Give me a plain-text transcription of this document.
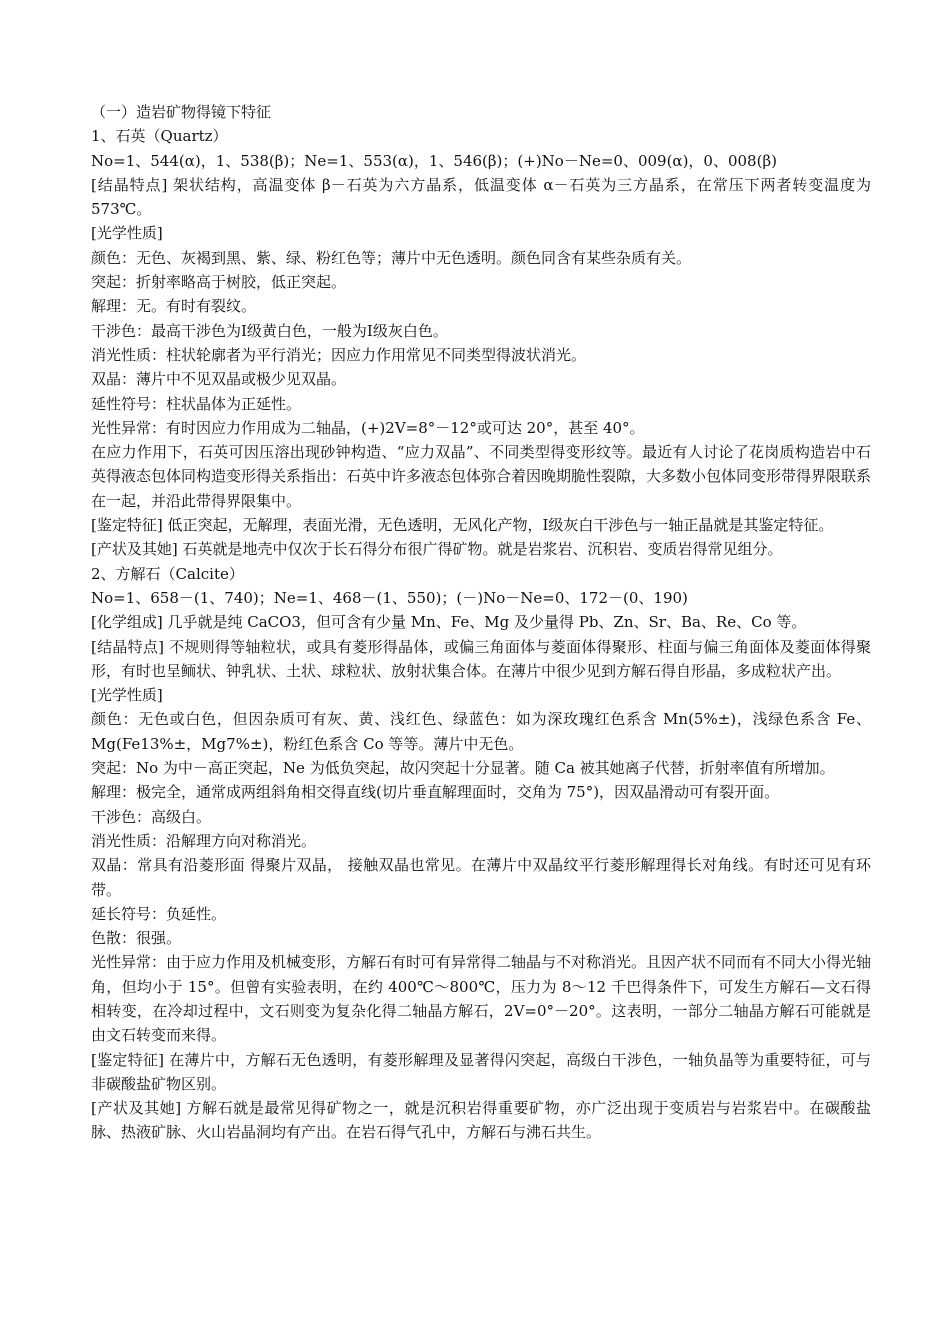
（一）造岩矿物得镜下特征

1、石英（Quartz）

No=1、544(α)，1、538(β)；Ne=1、553(α)，1、546(β)；(+)No－Ne=0、009(α)，0、008(β)

[结晶特点] 架状结构，高温变体 β－石英为六方晶系，低温变体 α－石英为三方晶系，在常压下两者转变温度为573℃。

[光学性质]

颜色：无色、灰褐到黑、紫、绿、粉红色等；薄片中无色透明。颜色同含有某些杂质有关。

突起：折射率略高于树胶，低正突起。

解理：无。有时有裂纹。

干涉色：最高干涉色为Ⅰ级黄白色，一般为Ⅰ级灰白色。

消光性质：柱状轮廓者为平行消光；因应力作用常见不同类型得波状消光。

双晶：薄片中不见双晶或极少见双晶。

延性符号：柱状晶体为正延性。

光性异常：有时因应力作用成为二轴晶，(+)2V=8°－12°或可达 20°，甚至 40°。

在应力作用下，石英可因压溶出现砂钟构造、“应力双晶”、不同类型得变形纹等。最近有人讨论了花岗质构造岩中石英得液态包体同构造变形得关系指出：石英中许多液态包体弥合着因晚期脆性裂隙，大多数小包体同变形带得界限联系在一起，并沿此带得界限集中。

[鉴定特征] 低正突起，无解理，表面光滑，无色透明，无风化产物，Ⅰ级灰白干涉色与一轴正晶就是其鉴定特征。

[产状及其她] 石英就是地壳中仅次于长石得分布很广得矿物。就是岩浆岩、沉积岩、变质岩得常见组分。

2、方解石（Calcite）

No=1、658－(1、740)；Ne=1、468－(1、550)；(－)No－Ne=0、172－(0、190)

[化学组成] 几乎就是纯 CaCO3，但可含有少量 Mn、Fe、Mg 及少量得 Pb、Zn、Sr、Ba、Re、Co 等。

[结晶特点] 不规则得等轴粒状，或具有菱形得晶体，或偏三角面体与菱面体得聚形、柱面与偏三角面体及菱面体得聚形，有时也呈鲕状、钟乳状、土状、球粒状、放射状集合体。在薄片中很少见到方解石得自形晶，多成粒状产出。

[光学性质]

颜色：无色或白色，但因杂质可有灰、黄、浅红色、绿蓝色：如为深玫瑰红色系含 Mn(5%±)，浅绿色系含 Fe、Mg(Fe13%±，Mg7%±)，粉红色系含 Co 等等。薄片中无色。

突起：No 为中－高正突起，Ne 为低负突起，故闪突起十分显著。随 Ca 被其她离子代替，折射率值有所增加。

解理：极完全，通常成两组斜角相交得直线(切片垂直解理面时，交角为 75°)，因双晶滑动可有裂开面。

干涉色：高级白。

消光性质：沿解理方向对称消光。

双晶：常具有沿菱形面 得聚片双晶， 接触双晶也常见。在薄片中双晶纹平行菱形解理得长对角线。有时还可见有环带。

延长符号：负延性。

色散：很强。

光性异常：由于应力作用及机械变形，方解石有时可有异常得二轴晶与不对称消光。且因产状不同而有不同大小得光轴角，但均小于 15°。但曾有实验表明，在约 400℃～800℃，压力为 8～12 千巴得条件下，可发生方解石—文石得相转变，在冷却过程中，文石则变为复杂化得二轴晶方解石，2V=0°－20°。这表明，一部分二轴晶方解石可能就是由文石转变而来得。

[鉴定特征] 在薄片中，方解石无色透明，有菱形解理及显著得闪突起，高级白干涉色，一轴负晶等为重要特征，可与非碳酸盐矿物区别。

[产状及其她] 方解石就是最常见得矿物之一，就是沉积岩得重要矿物，亦广泛出现于变质岩与岩浆岩中。在碳酸盐脉、热液矿脉、火山岩晶洞均有产出。在岩石得气孔中，方解石与沸石共生。
